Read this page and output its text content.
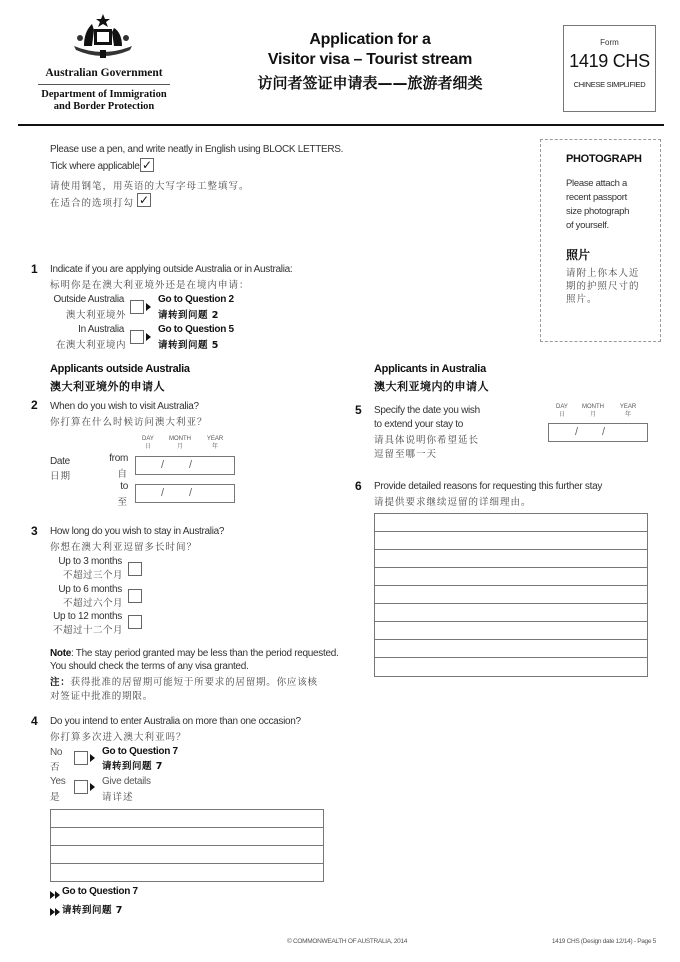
Australian Government
Department of Immigration
and Border Protection
Application for a
Visitor visa – Tourist stream
访问者签证申请表——旅游者细类
Form
1419 CHS
CHINESE SIMPLIFIED
Please use a pen, and write neatly in English using BLOCK LETTERS.
Tick where applicable ✓
请使用钢笔，用英语的大写字母工整填写。
在适合的选项打勾 ✓
PHOTOGRAPH
Please attach a
recent passport
size photograph
of yourself.
照片
请附上你本人近
期的护照尺寸的
照片。
1 Indicate if you are applying outside Australia or in Australia:
标明你是在澳大利亚境外还是在境内申请：
Outside Australia
澳大利亚境外
Go to Question 2
请转到问题 2
In Australia
在澳大利亚境内
Go to Question 5
请转到问题 5
Applicants outside Australia
澳大利亚境外的申请人
Applicants in Australia
澳大利亚境内的申请人
2 When do you wish to visit Australia?
你打算在什么时候访问澳大利亚？
DAY
日
MONTH
月
YEAR
年
Date
日期
from
自
/ /
to
至
/ /
3 How long do you wish to stay in Australia?
你想在澳大利亚逗留多长时间？
Up to 3 months
不超过三个月
Up to 6 months
不超过六个月
Up to 12 months
不超过十二个月
Note: The stay period granted may be less than the period requested.
You should check the terms of any visa granted.
注：获得批准的居留期可能短于所要求的居留期。你应该核
对签证中批准的期限。
4 Do you intend to enter Australia on more than one occasion?
你打算多次进入澳大利亚吗？
No
否
Go to Question 7
请转到问题 7
Yes
是
Give details
请详述
Go to Question 7
请转到问题 7
5 Specify the date you wish
to extend your stay to
请具体说明你希望延长
逗留至哪一天
DAY
日
MONTH
月
YEAR
年
/ /
6 Provide detailed reasons for requesting this further stay
请提供要求继续逗留的详细理由。
© COMMONWEALTH OF AUSTRALIA, 2014	1419 CHS (Design date 12/14) - Page 5
